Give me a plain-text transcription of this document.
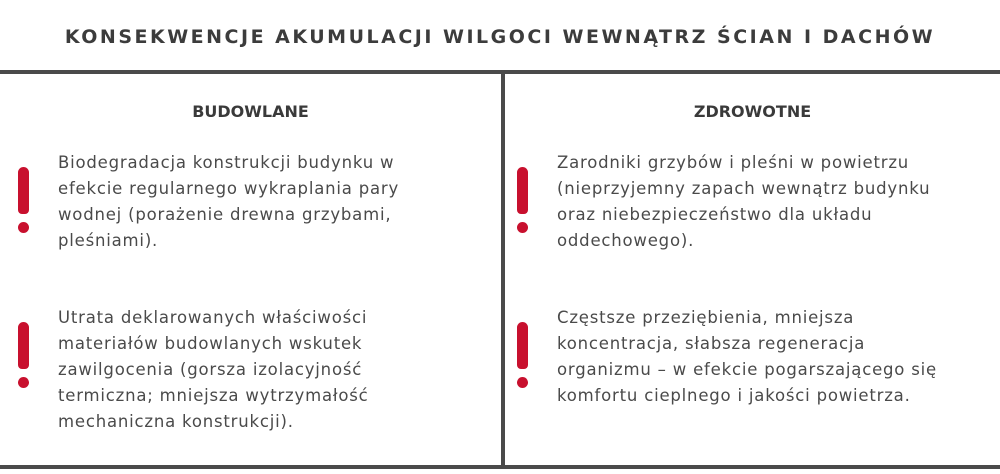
KONSEKWENCJE AKUMULACJI WILGOCI WEWNĄTRZ ŚCIAN I DACHÓW
BUDOWLANE

Biodegradacja konstrukcji budynku w
efekcie regularnego wykraplania pary
wodnej (porażenie drewna grzybami,
pleśniami).

Utrata deklarowanych właściwości
materiałów budowlanych wskutek
zawilgocenia (gorsza izolacyjność
termiczna; mniejsza wytrzymałość
mechaniczna konstrukcji).

ZDROWOTNE

Zarodniki grzybów i pleśni w powietrzu
(nieprzyjemny zapach wewnątrz budynku
oraz niebezpieczeństwo dla układu
oddechowego).

Częstsze przeziębienia, mniejsza
koncentracja, słabsza regeneracja
organizmu – w efekcie pogarszającego się
komfortu cieplnego i jakości powietrza.
